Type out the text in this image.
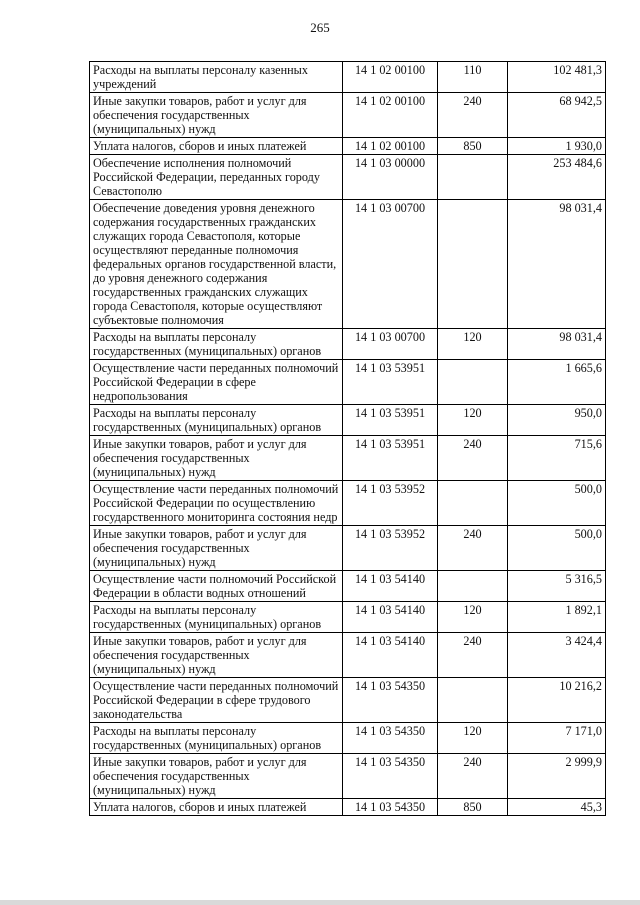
265
Расходы на выплаты персоналу казенных учреждений	14 1 02 00100	110	102 481,3
Иные закупки товаров, работ и услуг для обеспечения государственных (муниципальных) нужд	14 1 02 00100	240	68 942,5
Уплата налогов, сборов и иных платежей	14 1 02 00100	850	1 930,0
Обеспечение исполнения полномочий Российской Федерации, переданных городу Севастополю	14 1 03 00000		253 484,6
Обеспечение доведения уровня денежного содержания государственных гражданских служащих города Севастополя, которые осуществляют переданные полномочия федеральных органов государственной власти, до уровня денежного содержания государственных гражданских служащих города Севастополя, которые осуществляют субъектовые полномочия	14 1 03 00700		98 031,4
Расходы на выплаты персоналу государственных (муниципальных) органов	14 1 03 00700	120	98 031,4
Осуществление части переданных полномочий Российской Федерации в сфере недропользования	14 1 03 53951		1 665,6
Расходы на выплаты персоналу государственных (муниципальных) органов	14 1 03 53951	120	950,0
Иные закупки товаров, работ и услуг для обеспечения государственных (муниципальных) нужд	14 1 03 53951	240	715,6
Осуществление части переданных полномочий Российской Федерации по осуществлению государственного мониторинга состояния недр	14 1 03 53952		500,0
Иные закупки товаров, работ и услуг для обеспечения государственных (муниципальных) нужд	14 1 03 53952	240	500,0
Осуществление части полномочий Российской Федерации в области водных отношений	14 1 03 54140		5 316,5
Расходы на выплаты персоналу государственных (муниципальных) органов	14 1 03 54140	120	1 892,1
Иные закупки товаров, работ и услуг для обеспечения государственных (муниципальных) нужд	14 1 03 54140	240	3 424,4
Осуществление части переданных полномочий Российской Федерации в сфере трудового законодательства	14 1 03 54350		10 216,2
Расходы на выплаты персоналу государственных (муниципальных) органов	14 1 03 54350	120	7 171,0
Иные закупки товаров, работ и услуг для обеспечения государственных (муниципальных) нужд	14 1 03 54350	240	2 999,9
Уплата налогов, сборов и иных платежей	14 1 03 54350	850	45,3
